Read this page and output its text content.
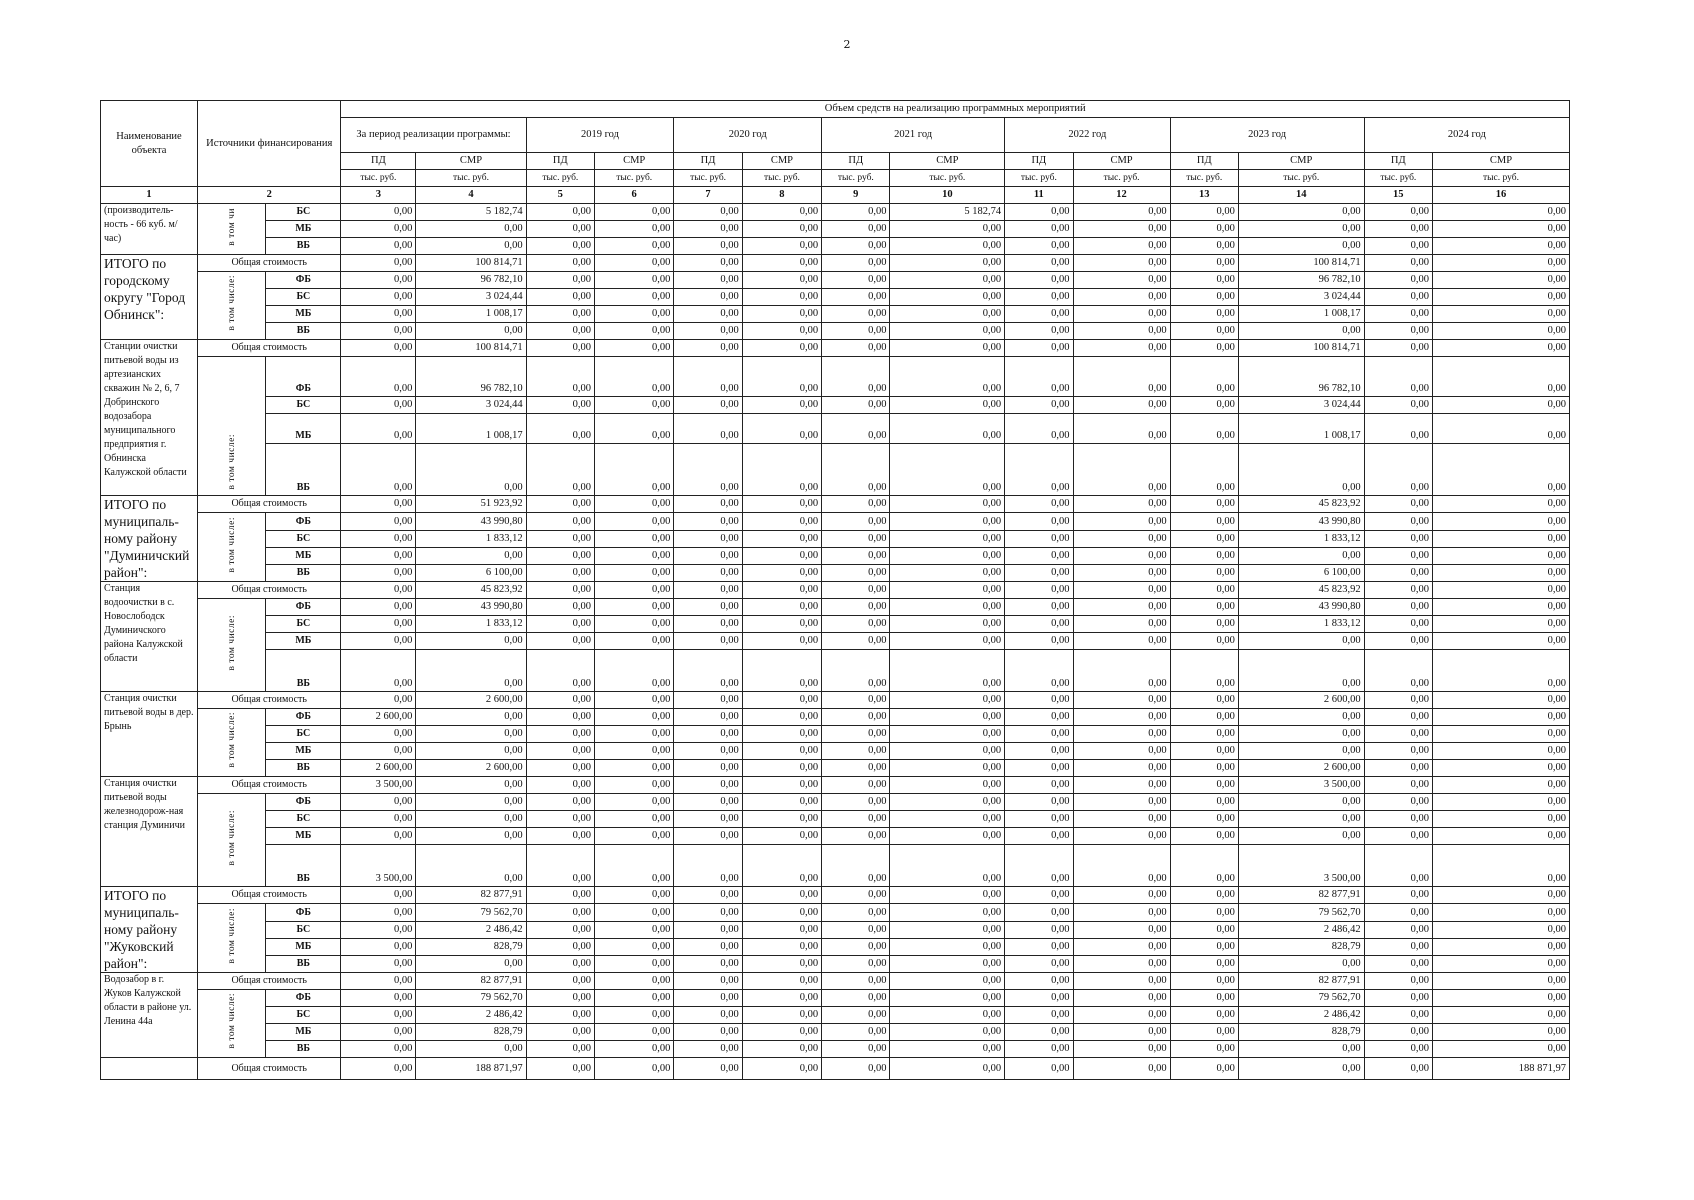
2
Наименование объекта	Источники финансирования		Объем средств на реализацию программных мероприятий													
			За период реализации программы:		2019 год		2020 год		2021 год		2022 год		2023 год		2024 год	
			ПД	СМР	ПД	СМР	ПД	СМР	ПД	СМР	ПД	СМР	ПД	СМР	ПД	СМР
			тыс. руб.	тыс. руб.	тыс. руб.	тыс. руб.	тыс. руб.	тыс. руб.	тыс. руб.	тыс. руб.	тыс. руб.	тыс. руб.	тыс. руб.	тыс. руб.	тыс. руб.	тыс. руб.
1	2		3	4	5	6	7	8	9	10	11	12	13	14	15	16
(производитель-ность - 66 куб. м/час)	в том чи	БС	0,00	5 182,74	0,00	0,00	0,00	0,00	0,00	5 182,74	0,00	0,00	0,00	0,00	0,00	0,00
		МБ	0,00	0,00	0,00	0,00	0,00	0,00	0,00	0,00	0,00	0,00	0,00	0,00	0,00	0,00
		ВБ	0,00	0,00	0,00	0,00	0,00	0,00	0,00	0,00	0,00	0,00	0,00	0,00	0,00	0,00
ИТОГО по городскому округу "Город Обнинск":	Общая стоимость		0,00	100 814,71	0,00	0,00	0,00	0,00	0,00	0,00	0,00	0,00	0,00	100 814,71	0,00	0,00
	в том числе:	ФБ	0,00	96 782,10	0,00	0,00	0,00	0,00	0,00	0,00	0,00	0,00	0,00	96 782,10	0,00	0,00
		БС	0,00	3 024,44	0,00	0,00	0,00	0,00	0,00	0,00	0,00	0,00	0,00	3 024,44	0,00	0,00
		МБ	0,00	1 008,17	0,00	0,00	0,00	0,00	0,00	0,00	0,00	0,00	0,00	1 008,17	0,00	0,00
		ВБ	0,00	0,00	0,00	0,00	0,00	0,00	0,00	0,00	0,00	0,00	0,00	0,00	0,00	0,00
Станции очистки питьевой воды из артезианских скважин № 2, 6, 7 Добринского водозабора муниципального предприятия г. Обнинска Калужской области	Общая стоимость		0,00	100 814,71	0,00	0,00	0,00	0,00	0,00	0,00	0,00	0,00	0,00	100 814,71	0,00	0,00
	в том числе:	ФБ	0,00	96 782,10	0,00	0,00	0,00	0,00	0,00	0,00	0,00	0,00	0,00	96 782,10	0,00	0,00
		БС	0,00	3 024,44	0,00	0,00	0,00	0,00	0,00	0,00	0,00	0,00	0,00	3 024,44	0,00	0,00
		МБ	0,00	1 008,17	0,00	0,00	0,00	0,00	0,00	0,00	0,00	0,00	0,00	1 008,17	0,00	0,00
		ВБ	0,00	0,00	0,00	0,00	0,00	0,00	0,00	0,00	0,00	0,00	0,00	0,00	0,00	0,00
ИТОГО по муниципаль-ному району "Думиничский район":	Общая стоимость		0,00	51 923,92	0,00	0,00	0,00	0,00	0,00	0,00	0,00	0,00	0,00	45 823,92	0,00	0,00
	в том числе:	ФБ	0,00	43 990,80	0,00	0,00	0,00	0,00	0,00	0,00	0,00	0,00	0,00	43 990,80	0,00	0,00
		БС	0,00	1 833,12	0,00	0,00	0,00	0,00	0,00	0,00	0,00	0,00	0,00	1 833,12	0,00	0,00
		МБ	0,00	0,00	0,00	0,00	0,00	0,00	0,00	0,00	0,00	0,00	0,00	0,00	0,00	0,00
		ВБ	0,00	6 100,00	0,00	0,00	0,00	0,00	0,00	0,00	0,00	0,00	0,00	6 100,00	0,00	0,00
Станция водоочистки в с. Новослободск Думиничского района Калужской области	Общая стоимость		0,00	45 823,92	0,00	0,00	0,00	0,00	0,00	0,00	0,00	0,00	0,00	45 823,92	0,00	0,00
	в том числе:	ФБ	0,00	43 990,80	0,00	0,00	0,00	0,00	0,00	0,00	0,00	0,00	0,00	43 990,80	0,00	0,00
		БС	0,00	1 833,12	0,00	0,00	0,00	0,00	0,00	0,00	0,00	0,00	0,00	1 833,12	0,00	0,00
		МБ	0,00	0,00	0,00	0,00	0,00	0,00	0,00	0,00	0,00	0,00	0,00	0,00	0,00	0,00
		ВБ	0,00	0,00	0,00	0,00	0,00	0,00	0,00	0,00	0,00	0,00	0,00	0,00	0,00	0,00
Станция очистки питьевой воды в дер. Брынь	Общая стоимость		0,00	2 600,00	0,00	0,00	0,00	0,00	0,00	0,00	0,00	0,00	0,00	2 600,00	0,00	0,00
	в том числе:	ФБ	2 600,00	0,00	0,00	0,00	0,00	0,00	0,00	0,00	0,00	0,00	0,00	0,00	0,00	0,00
		БС	0,00	0,00	0,00	0,00	0,00	0,00	0,00	0,00	0,00	0,00	0,00	0,00	0,00	0,00
		МБ	0,00	0,00	0,00	0,00	0,00	0,00	0,00	0,00	0,00	0,00	0,00	0,00	0,00	0,00
		ВБ	2 600,00	2 600,00	0,00	0,00	0,00	0,00	0,00	0,00	0,00	0,00	0,00	2 600,00	0,00	0,00
Станция очистки питьевой воды железнодорож-ная станция Думиничи	Общая стоимость		3 500,00	0,00	0,00	0,00	0,00	0,00	0,00	0,00	0,00	0,00	0,00	3 500,00	0,00	0,00
	в том числе:	ФБ	0,00	0,00	0,00	0,00	0,00	0,00	0,00	0,00	0,00	0,00	0,00	0,00	0,00	0,00
		БС	0,00	0,00	0,00	0,00	0,00	0,00	0,00	0,00	0,00	0,00	0,00	0,00	0,00	0,00
		МБ	0,00	0,00	0,00	0,00	0,00	0,00	0,00	0,00	0,00	0,00	0,00	0,00	0,00	0,00
		ВБ	3 500,00	0,00	0,00	0,00	0,00	0,00	0,00	0,00	0,00	0,00	0,00	3 500,00	0,00	0,00
ИТОГО по муниципаль-ному району "Жуковский район":	Общая стоимость		0,00	82 877,91	0,00	0,00	0,00	0,00	0,00	0,00	0,00	0,00	0,00	82 877,91	0,00	0,00
	в том числе:	ФБ	0,00	79 562,70	0,00	0,00	0,00	0,00	0,00	0,00	0,00	0,00	0,00	79 562,70	0,00	0,00
		БС	0,00	2 486,42	0,00	0,00	0,00	0,00	0,00	0,00	0,00	0,00	0,00	2 486,42	0,00	0,00
		МБ	0,00	828,79	0,00	0,00	0,00	0,00	0,00	0,00	0,00	0,00	0,00	828,79	0,00	0,00
		ВБ	0,00	0,00	0,00	0,00	0,00	0,00	0,00	0,00	0,00	0,00	0,00	0,00	0,00	0,00
Водозабор в г. Жуков Калужской области в районе ул. Ленина 44а	Общая стоимость		0,00	82 877,91	0,00	0,00	0,00	0,00	0,00	0,00	0,00	0,00	0,00	82 877,91	0,00	0,00
	в том числе:	ФБ	0,00	79 562,70	0,00	0,00	0,00	0,00	0,00	0,00	0,00	0,00	0,00	79 562,70	0,00	0,00
		БС	0,00	2 486,42	0,00	0,00	0,00	0,00	0,00	0,00	0,00	0,00	0,00	2 486,42	0,00	0,00
		МБ	0,00	828,79	0,00	0,00	0,00	0,00	0,00	0,00	0,00	0,00	0,00	828,79	0,00	0,00
		ВБ	0,00	0,00	0,00	0,00	0,00	0,00	0,00	0,00	0,00	0,00	0,00	0,00	0,00	0,00
	Общая стоимость		0,00	188 871,97	0,00	0,00	0,00	0,00	0,00	0,00	0,00	0,00	0,00	0,00	0,00	188 871,97
